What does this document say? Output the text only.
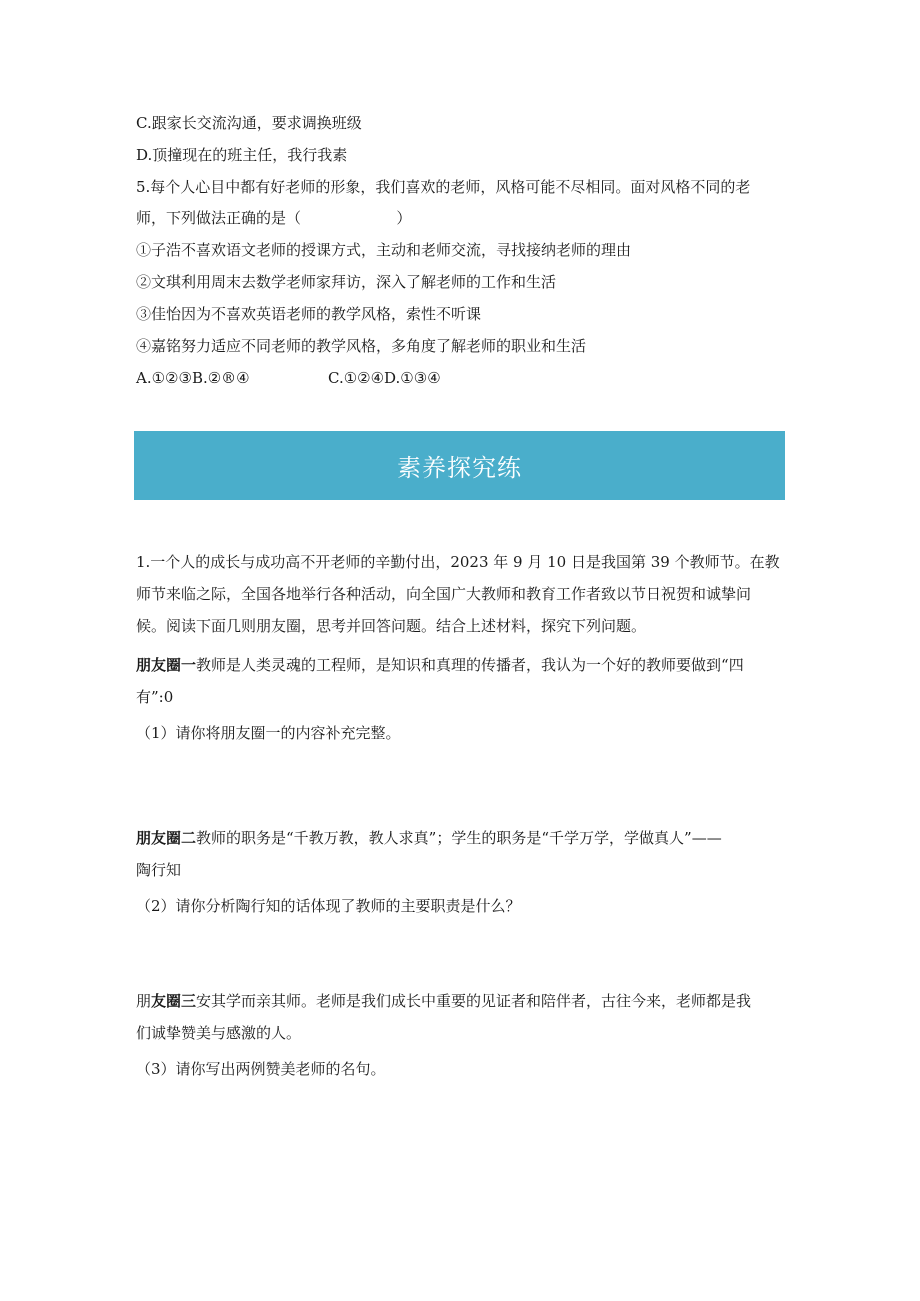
C.跟家长交流沟通，要求调换班级
D.顶撞现在的班主任，我行我素
5.每个人心目中都有好老师的形象，我们喜欢的老师，风格可能不尽相同。面对风格不同的老
师，下列做法正确的是（                    ）
①子浩不喜欢语文老师的授课方式，主动和老师交流，寻找接纳老师的理由
②文琪利用周末去数学老师家拜访，深入了解老师的工作和生活
③佳怡因为不喜欢英语老师的教学风格，索性不听课
④嘉铭努力适应不同老师的教学风格，多角度了解老师的职业和生活
A.①②③B.②®④	C.①②④D.①③④
素养探究练
1.一个人的成长与成功高不开老师的辛勤付出，2023 年 9 月 10 日是我国第 39 个教师节。在教
师节来临之际，全国各地举行各种活动，向全国广大教师和教育工作者致以节日祝贺和诚挚问
候。阅读下面几则朋友圈，思考并回答问题。结合上述材料，探究下列问题。
朋友圈一教师是人类灵魂的工程师，是知识和真理的传播者，我认为一个好的教师要做到“四
有”:0
（1）请你将朋友圈一的内容补充完整。
朋友圈二教师的职务是“千教万教，教人求真”；学生的职务是“千学万学，学做真人”——
陶行知
（2）请你分析陶行知的话体现了教师的主要职责是什么？
朋友圈三安其学而亲其师。老师是我们成长中重要的见证者和陪伴者，古往今来，老师都是我
们诚挚赞美与感激的人。
（3）请你写出两例赞美老师的名句。
